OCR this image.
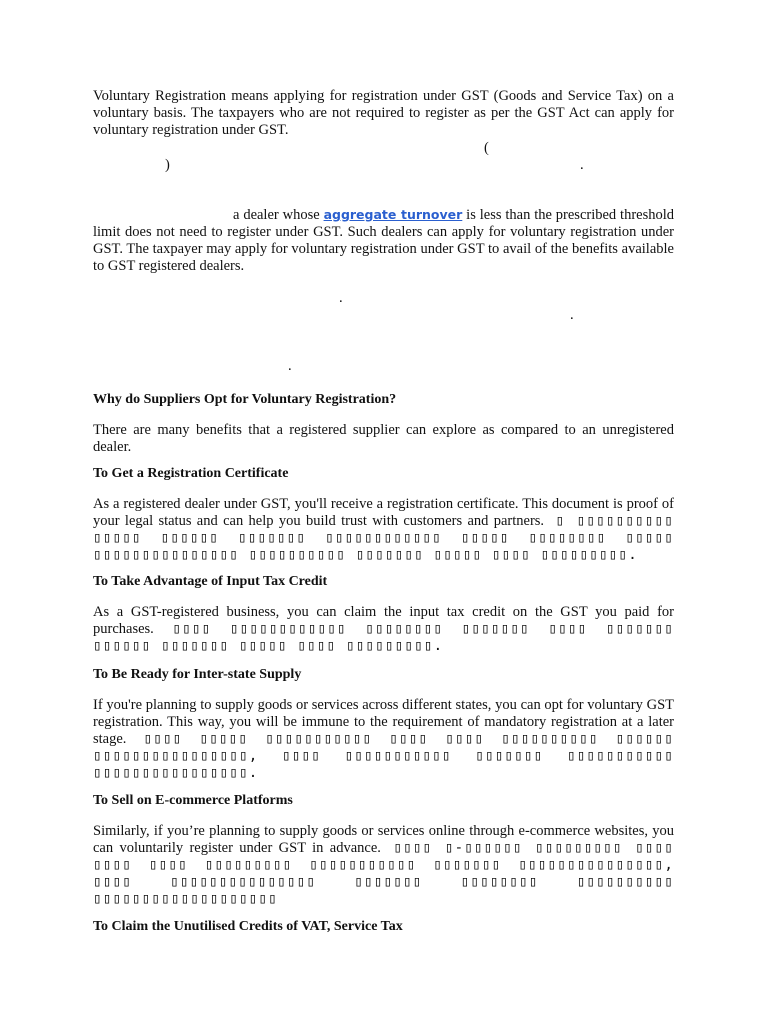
Voluntary Registration means applying for registration under GST (Goods and Service Tax) on a voluntary basis. The taxpayers who are not required to register as per the GST Act can apply for voluntary registration under GST.

(
)	.

a dealer whose aggregate turnover is less than the prescribed threshold limit does not need to register under GST. Such dealers can apply for voluntary registration under GST. The taxpayer may apply for voluntary registration under GST to avail of the benefits available to GST registered dealers.

.
.
.
Why do Suppliers Opt for Voluntary Registration?

There are many benefits that a registered supplier can explore as compared to an unregistered dealer.

To Get a Registration Certificate

As a registered dealer under GST, you'll receive a registration certificate. This document is proof of your legal status and can help you build trust with customers and partners. ▯ ▯▯▯▯▯▯▯▯▯▯ ▯▯▯▯▯ ▯▯▯▯▯▯ ▯▯▯▯▯▯▯ ▯▯▯▯▯▯▯▯▯▯▯▯ ▯▯▯▯▯ ▯▯▯▯▯▯▯▯ ▯▯▯▯▯ ▯▯▯▯▯▯▯▯▯▯▯▯▯▯▯ ▯▯▯▯▯▯▯▯▯▯ ▯▯▯▯▯▯▯ ▯▯▯▯▯ ▯▯▯▯ ▯▯▯▯▯▯▯▯▯.

To Take Advantage of Input Tax Credit

As a GST-registered business, you can claim the input tax credit on the GST you paid for purchases. ▯▯▯▯ ▯▯▯▯▯▯▯▯▯▯▯▯ ▯▯▯▯▯▯▯▯ ▯▯▯▯▯▯▯ ▯▯▯▯ ▯▯▯▯▯▯▯ ▯▯▯▯▯▯ ▯▯▯▯▯▯▯ ▯▯▯▯▯ ▯▯▯▯ ▯▯▯▯▯▯▯▯▯.

To Be Ready for Inter-state Supply

If you're planning to supply goods or services across different states, you can opt for voluntary GST registration. This way, you will be immune to the requirement of mandatory registration at a later stage. ▯▯▯▯ ▯▯▯▯▯ ▯▯▯▯▯▯▯▯▯▯▯ ▯▯▯▯ ▯▯▯▯ ▯▯▯▯▯▯▯▯▯▯ ▯▯▯▯▯▯ ▯▯▯▯▯▯▯▯▯▯▯▯▯▯▯▯, ▯▯▯▯ ▯▯▯▯▯▯▯▯▯▯▯ ▯▯▯▯▯▯▯ ▯▯▯▯▯▯▯▯▯▯▯ ▯▯▯▯▯▯▯▯▯▯▯▯▯▯▯▯.

To Sell on E-commerce Platforms

Similarly, if you’re planning to supply goods or services online through e-commerce websites, you can voluntarily register under GST in advance. ▯▯▯▯ ▯-▯▯▯▯▯▯ ▯▯▯▯▯▯▯▯▯ ▯▯▯▯ ▯▯▯▯ ▯▯▯▯ ▯▯▯▯▯▯▯▯▯ ▯▯▯▯▯▯▯▯▯▯▯ ▯▯▯▯▯▯▯ ▯▯▯▯▯▯▯▯▯▯▯▯▯▯▯, ▯▯▯▯ ▯▯▯▯▯▯▯▯▯▯▯▯▯▯▯ ▯▯▯▯▯▯▯ ▯▯▯▯▯▯▯▯ ▯▯▯▯▯▯▯▯▯▯ ▯▯▯▯▯▯▯▯▯▯▯▯▯▯▯▯▯▯▯

To Claim the Unutilised Credits of VAT, Service Tax
